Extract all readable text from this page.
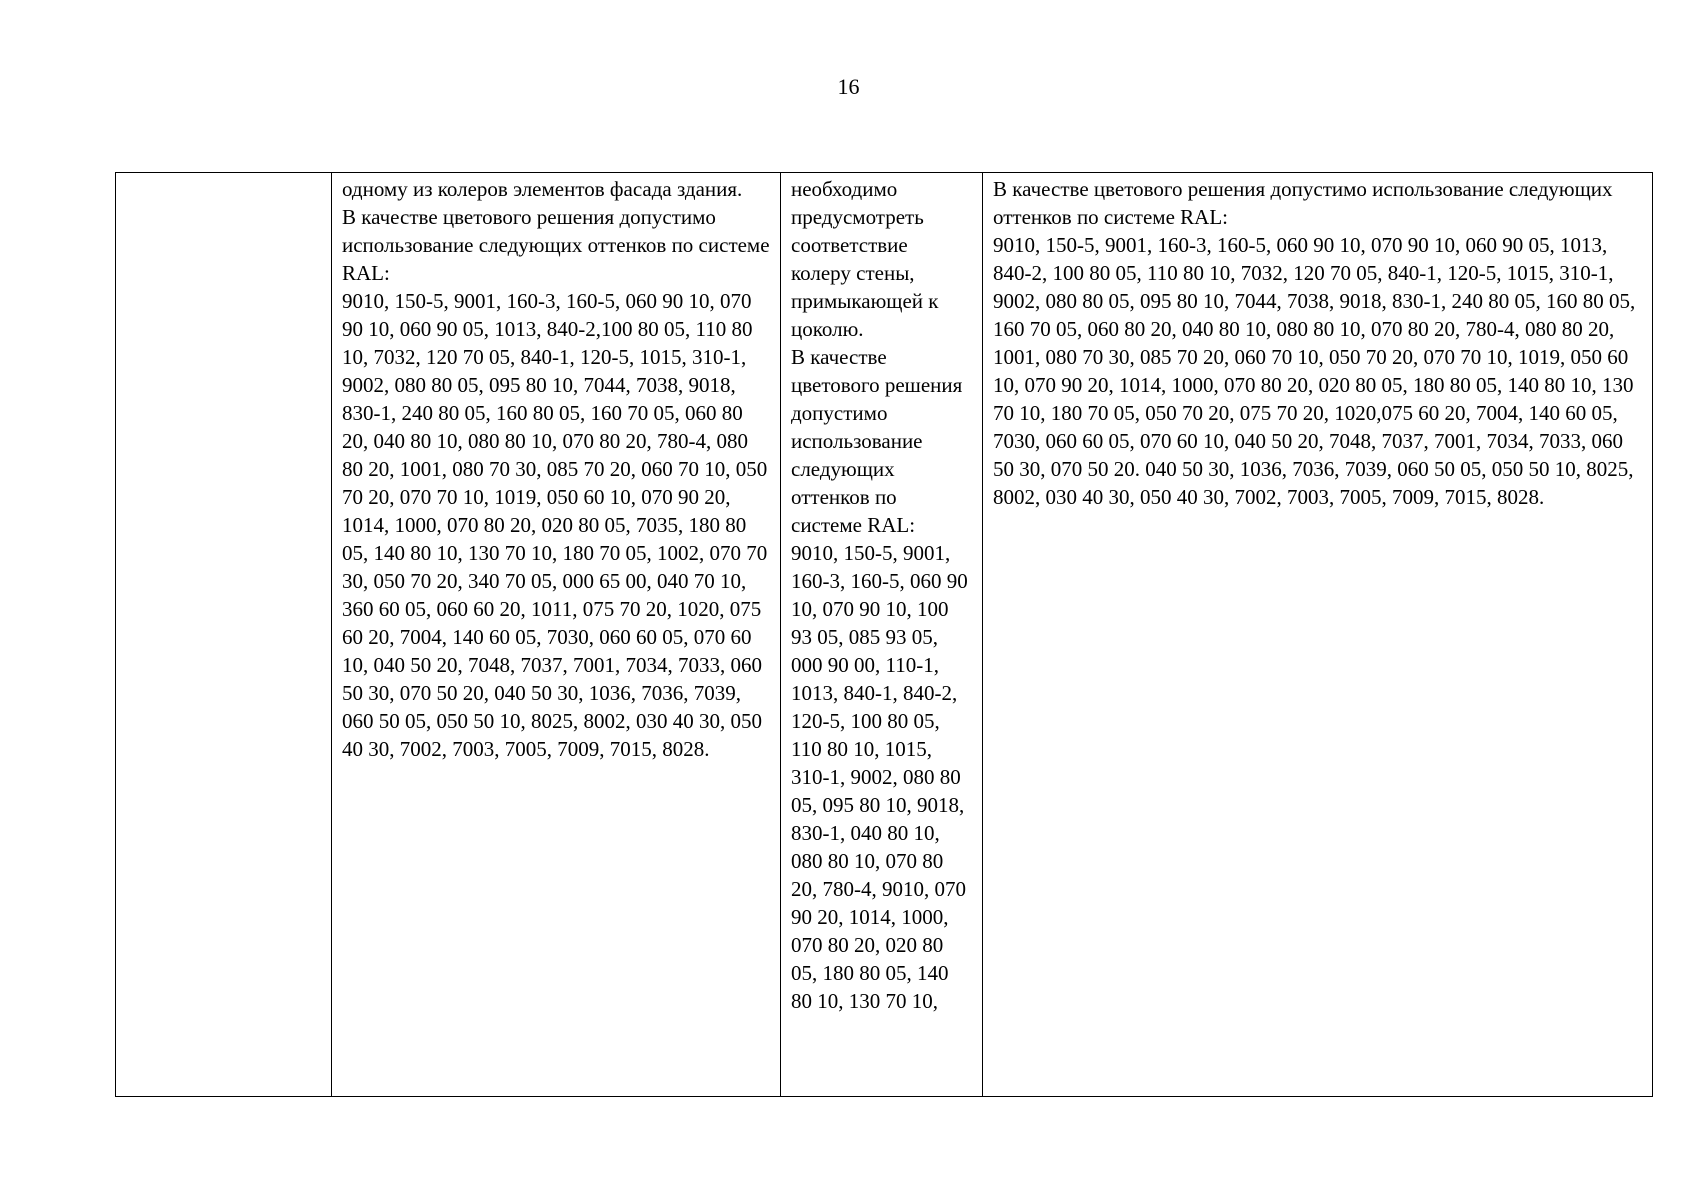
16

одному из колеров элементов фасада здания.
В качестве цветового решения допустимо использование следующих оттенков по системе RAL:
9010, 150-5, 9001, 160-3, 160-5, 060 90 10, 070 90 10, 060 90 05, 1013, 840-2,100 80 05, 110 80 10, 7032, 120 70 05, 840-1, 120-5, 1015, 310-1, 9002, 080 80 05, 095 80 10, 7044, 7038, 9018, 830-1, 240 80 05, 160 80 05, 160 70 05, 060 80 20, 040 80 10, 080 80 10, 070 80 20, 780-4, 080 80 20, 1001, 080 70 30, 085 70 20, 060 70 10, 050 70 20, 070 70 10, 1019, 050 60 10, 070 90 20, 1014, 1000, 070 80 20, 020 80 05, 7035, 180 80 05, 140 80 10, 130 70 10, 180 70 05, 1002, 070 70 30, 050 70 20, 340 70 05, 000 65 00, 040 70 10, 360 60 05, 060 60 20, 1011, 075 70 20, 1020, 075 60 20, 7004, 140 60 05, 7030, 060 60 05, 070 60 10, 040 50 20, 7048, 7037, 7001, 7034, 7033, 060 50 30, 070 50 20, 040 50 30, 1036, 7036, 7039, 060 50 05, 050 50 10, 8025, 8002, 030 40 30, 050 40 30, 7002, 7003, 7005, 7009, 7015, 8028.

необходимо предусмотреть соответствие колеру стены, примыкающей к цоколю.
В качестве цветового решения допустимо использование следующих оттенков по системе RAL:
9010, 150-5, 9001, 160-3, 160-5, 060 90 10, 070 90 10, 100 93 05, 085 93 05, 000 90 00, 110-1, 1013, 840-1, 840-2, 120-5, 100 80 05, 110 80 10, 1015, 310-1, 9002, 080 80 05, 095 80 10, 9018, 830-1, 040 80 10, 080 80 10, 070 80 20, 780-4, 9010, 070 90 20, 1014, 1000, 070 80 20, 020 80 05, 180 80 05, 140 80 10, 130 70 10,

В качестве цветового решения допустимо использование следующих оттенков по системе RAL:
9010, 150-5, 9001, 160-3, 160-5, 060 90 10, 070 90 10, 060 90 05, 1013, 840-2, 100 80 05, 110 80 10, 7032, 120 70 05, 840-1, 120-5, 1015, 310-1, 9002, 080 80 05, 095 80 10, 7044, 7038, 9018, 830-1, 240 80 05, 160 80 05, 160 70 05, 060 80 20, 040 80 10, 080 80 10, 070 80 20, 780-4, 080 80 20, 1001, 080 70 30, 085 70 20, 060 70 10, 050 70 20, 070 70 10, 1019, 050 60 10, 070 90 20, 1014, 1000, 070 80 20, 020 80 05, 180 80 05, 140 80 10, 130 70 10, 180 70 05, 050 70 20, 075 70 20, 1020,075 60 20, 7004, 140 60 05, 7030, 060 60 05, 070 60 10, 040 50 20, 7048, 7037, 7001, 7034, 7033, 060 50 30, 070 50 20. 040 50 30, 1036, 7036, 7039, 060 50 05, 050 50 10, 8025, 8002, 030 40 30, 050 40 30, 7002, 7003, 7005, 7009, 7015, 8028.
